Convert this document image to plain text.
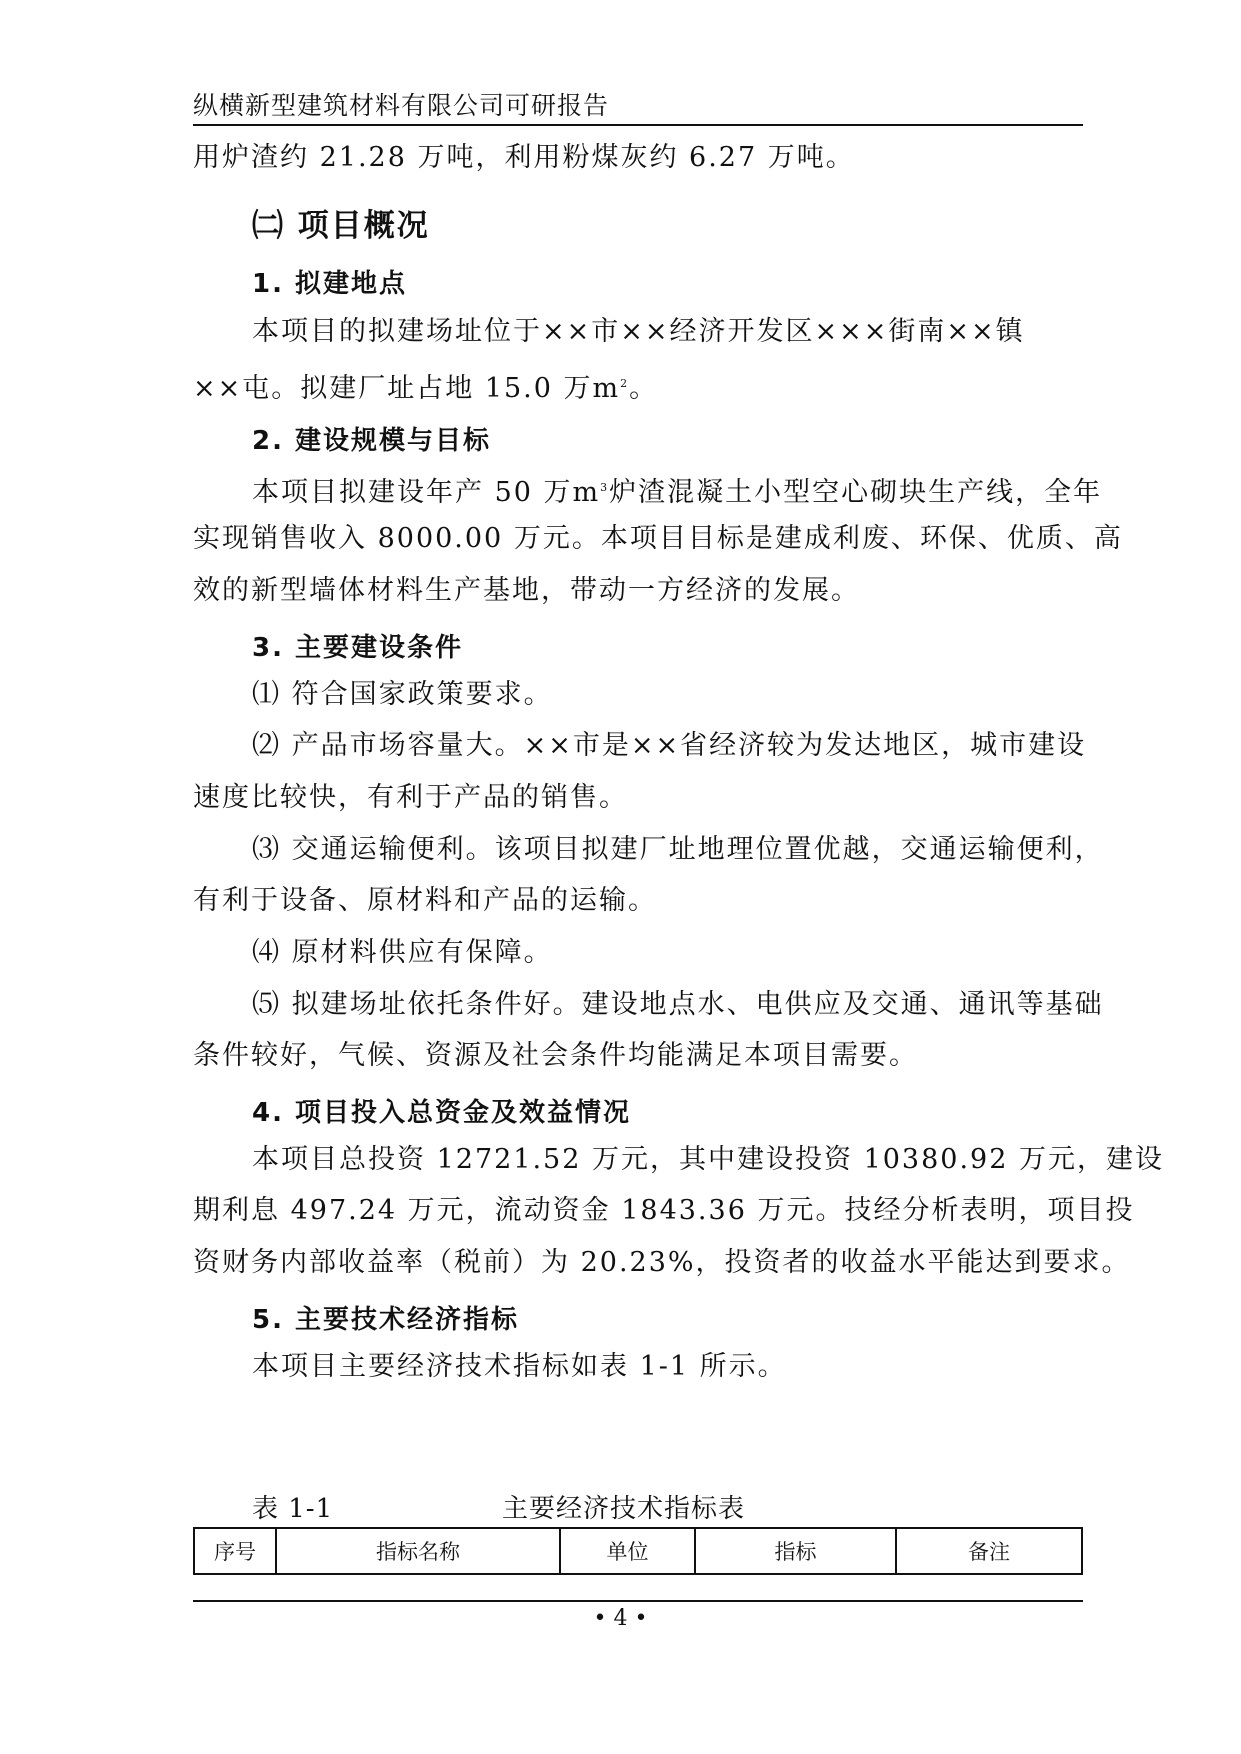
纵横新型建筑材料有限公司可研报告
用炉渣约 21.28 万吨，利用粉煤灰约 6.27 万吨。
㈡ 项目概况
1. 拟建地点
本项目的拟建场址位于××市××经济开发区×××街南××镇
××屯。拟建厂址占地 15.0 万$m^2$。
2. 建设规模与目标
本项目拟建设年产 50 万$m^3$炉渣混凝土小型空心砌块生产线，全年
实现销售收入 8000.00 万元。本项目目标是建成利废、环保、优质、高
效的新型墙体材料生产基地，带动一方经济的发展。
3. 主要建设条件
⑴ 符合国家政策要求。
⑵ 产品市场容量大。××市是××省经济较为发达地区，城市建设
速度比较快，有利于产品的销售。
⑶ 交通运输便利。该项目拟建厂址地理位置优越，交通运输便利，
有利于设备、原材料和产品的运输。
⑷ 原材料供应有保障。
⑸ 拟建场址依托条件好。建设地点水、电供应及交通、通讯等基础
条件较好，气候、资源及社会条件均能满足本项目需要。
4. 项目投入总资金及效益情况
本项目总投资 12721.52 万元，其中建设投资 10380.92 万元，建设
期利息 497.24 万元，流动资金 1843.36 万元。技经分析表明，项目投
资财务内部收益率（税前）为 20.23%，投资者的收益水平能达到要求。
5. 主要技术经济指标
本项目主要经济技术指标如表 1-1 所示。
表 1-1	主要经济技术指标表
序号	指标名称	单位	指标	备注
• 4 •
